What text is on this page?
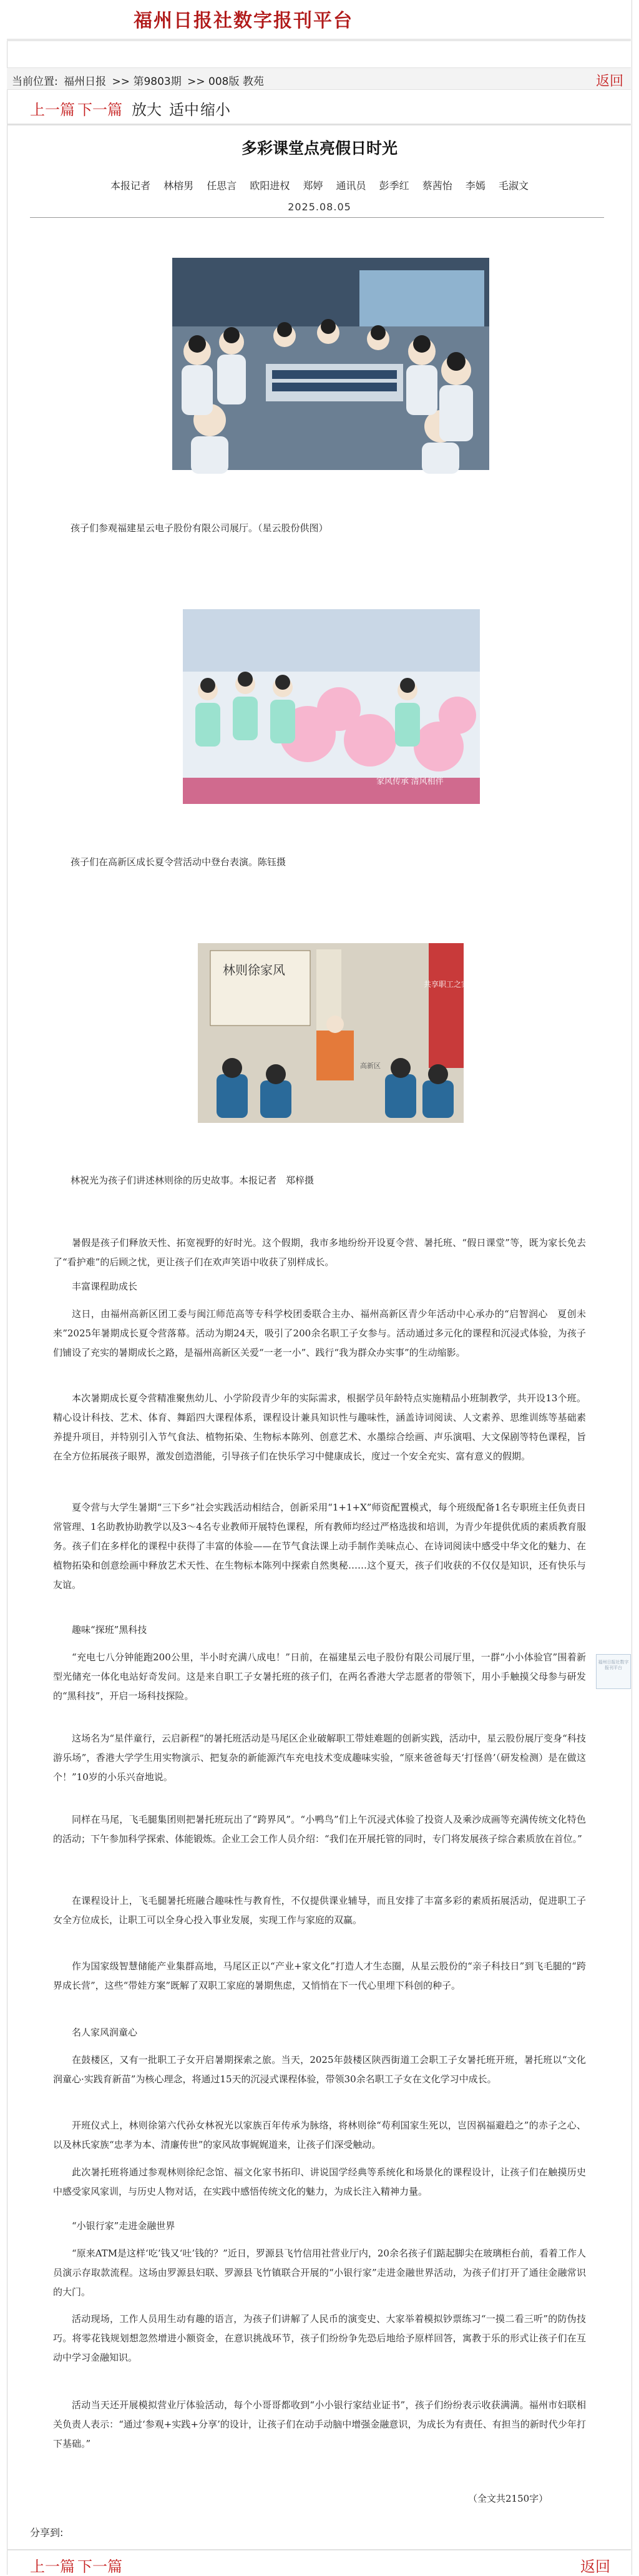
福州日报社数字报刊平台
当前位置: 福州日报 >> 第9803期 >> 008版 教苑	返回
上一篇 下一篇 放大 适中 缩小
多彩课堂点亮假日时光
本报记者 林榕男 任思言 欧阳进权 郑婷 通讯员 彭季红 蔡茜怡 李嫣 毛淑文
2025.08.05
孩子们参观福建星云电子股份有限公司展厅。（星云股份供图）
家风传承 清风相伴
孩子们在高新区成长夏令营活动中登台表演。陈钰摄
林则徐家风
共享职工之家
高新区
林祝光为孩子们讲述林则徐的历史故事。本报记者　郑梓摄

暑假是孩子们释放天性、拓宽视野的好时光。这个假期，我市多地纷纷开设夏令营、暑托班、“假日课堂”等，既为家长免去了“看护难”的后顾之忧，更让孩子们在欢声笑语中收获了别样成长。

丰富课程助成长

这日，由福州高新区团工委与闽江师范高等专科学校团委联合主办、福州高新区青少年活动中心承办的“启智润心　夏创未来”2025年暑期成长夏令营落幕。活动为期24天，吸引了200余名职工子女参与。活动通过多元化的课程和沉浸式体验，为孩子们铺设了充实的暑期成长之路，是福州高新区关爱“一老一小”、践行“我为群众办实事”的生动缩影。

本次暑期成长夏令营精准聚焦幼儿、小学阶段青少年的实际需求，根据学员年龄特点实施精品小班制教学，共开设13个班。精心设计科技、艺术、体育、舞蹈四大课程体系，课程设计兼具知识性与趣味性，涵盖诗词阅读、人文素养、思维训练等基础素养提升项目，并特别引入节气食法、植物拓染、生物标本陈列、创意艺术、水墨综合绘画、声乐演唱、大文保剧等特色课程，旨在全方位拓展孩子眼界，激发创造潜能，引导孩子们在快乐学习中健康成长，度过一个安全充实、富有意义的假期。

夏令营与大学生暑期“三下乡”社会实践活动相结合，创新采用“1+1+X”师资配置模式，每个班级配备1名专职班主任负责日常管理、1名助教协助教学以及3～4名专业教师开展特色课程，所有教师均经过严格选拔和培训，为青少年提供优质的素质教育服务。孩子们在多样化的课程中获得了丰富的体验——在节气食法课上动手制作美味点心、在诗词阅读中感受中华文化的魅力、在植物拓染和创意绘画中释放艺术天性、在生物标本陈列中探索自然奥秘……这个夏天，孩子们收获的不仅仅是知识，还有快乐与友谊。

趣味“探班”黑科技

“充电七八分钟能跑200公里，半小时充满八成电！”日前，在福建星云电子股份有限公司展厅里，一群“小小体验官”围着新型光储充一体化电站好奇发问。这是来自职工子女暑托班的孩子们，在两名香港大学志愿者的带领下，用小手触摸父母参与研发的“黑科技”，开启一场科技探险。

这场名为“星伴童行，云启新程”的暑托班活动是马尾区企业破解职工带娃难题的创新实践，活动中，星云股份展厅变身“科技游乐场”，香港大学学生用实物演示、把复杂的新能源汽车充电技术变成趣味实验，“原来爸爸每天‘打怪兽’（研发检测）是在做这个！”10岁的小乐兴奋地说。

同样在马尾，飞毛腿集团则把暑托班玩出了“跨界风”。“小鸭鸟”们上午沉浸式体验了投资人及乘沙成画等充满传统文化特色的活动；下午参加科学探索、体能锻炼。企业工会工作人员介绍：“我们在开展托管的同时，专门将发展孩子综合素质放在首位。”

在课程设计上，飞毛腿暑托班融合趣味性与教育性，不仅提供课业辅导，而且安排了丰富多彩的素质拓展活动，促进职工子女全方位成长，让职工可以全身心投入事业发展，实现工作与家庭的双赢。

作为国家级智慧储能产业集群高地，马尾区正以“产业+家文化”打造人才生态圈，从星云股份的“亲子科技日”到飞毛腿的“跨界成长营”，这些“带娃方案”既解了双职工家庭的暑期焦虑，又悄悄在下一代心里埋下科创的种子。

名人家风润童心

在鼓楼区，又有一批职工子女开启暑期探索之旅。当天，2025年鼓楼区陕西街道工会职工子女暑托班开班，暑托班以“文化润童心·实践育新苗”为核心理念，将通过15天的沉浸式课程体验，带领30余名职工子女在文化学习中成长。

开班仪式上，林则徐第六代孙女林祝光以家族百年传承为脉络，将林则徐“苟利国家生死以，岂因祸福避趋之”的赤子之心、以及林氏家族“忠孝为本、清廉传世”的家风故事娓娓道来，让孩子们深受触动。

此次暑托班将通过参观林则徐纪念馆、福文化家书拓印、讲说国学经典等系统化和场景化的课程设计，让孩子们在触摸历史中感受家风家训，与历史人物对话，在实践中感悟传统文化的魅力，为成长注入精神力量。

“小银行家”走进金融世界

“原来ATM是这样‘吃’钱又‘吐’钱的？”近日，罗源县飞竹信用社营业厅内，20余名孩子们踮起脚尖在玻璃柜台前，看着工作人员演示存取款流程。这场由罗源县妇联、罗源县飞竹镇联合开展的“小银行家”走进金融世界活动，为孩子们打开了通往金融常识的大门。

活动现场，工作人员用生动有趣的语言，为孩子们讲解了人民币的演变史、大家举着模拟钞票练习“一摸二看三听”的防伪技巧。将零花钱规划想忽然增进小额资金，在意识挑战环节，孩子们纷纷争先恐后地给予原样回答，寓教于乐的形式让孩子们在互动中学习金融知识。

活动当天还开展模拟营业厅体验活动，每个小哥哥都收到“小小银行家结业证书”，孩子们纷纷表示收获满满。福州市妇联相关负责人表示：“通过‘参观+实践+分享’的设计，让孩子们在动手动脑中增强金融意识，为成长为有责任、有担当的新时代少年打下基础。”

（全文共2150字）
福州日报社数字报刊平台
分享到:
上一篇 下一篇	返回
